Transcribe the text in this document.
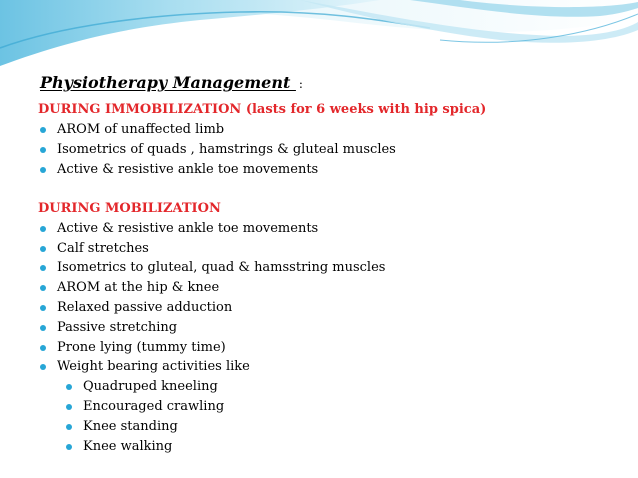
Physiotherapy Management :
DURING IMMOBILIZATION (lasts for 6 weeks with hip spica)
AROM of unaffected limb
Isometrics of quads , hamstrings & gluteal muscles
Active & resistive ankle toe movements
DURING MOBILIZATION
Active & resistive ankle toe movements
Calf stretches
Isometrics to gluteal, quad & hamsstring muscles
AROM at the hip & knee
Relaxed passive adduction
Passive stretching
Prone lying (tummy time)
Weight bearing activities like
Quadruped kneeling
Encouraged crawling
Knee standing
Knee walking
